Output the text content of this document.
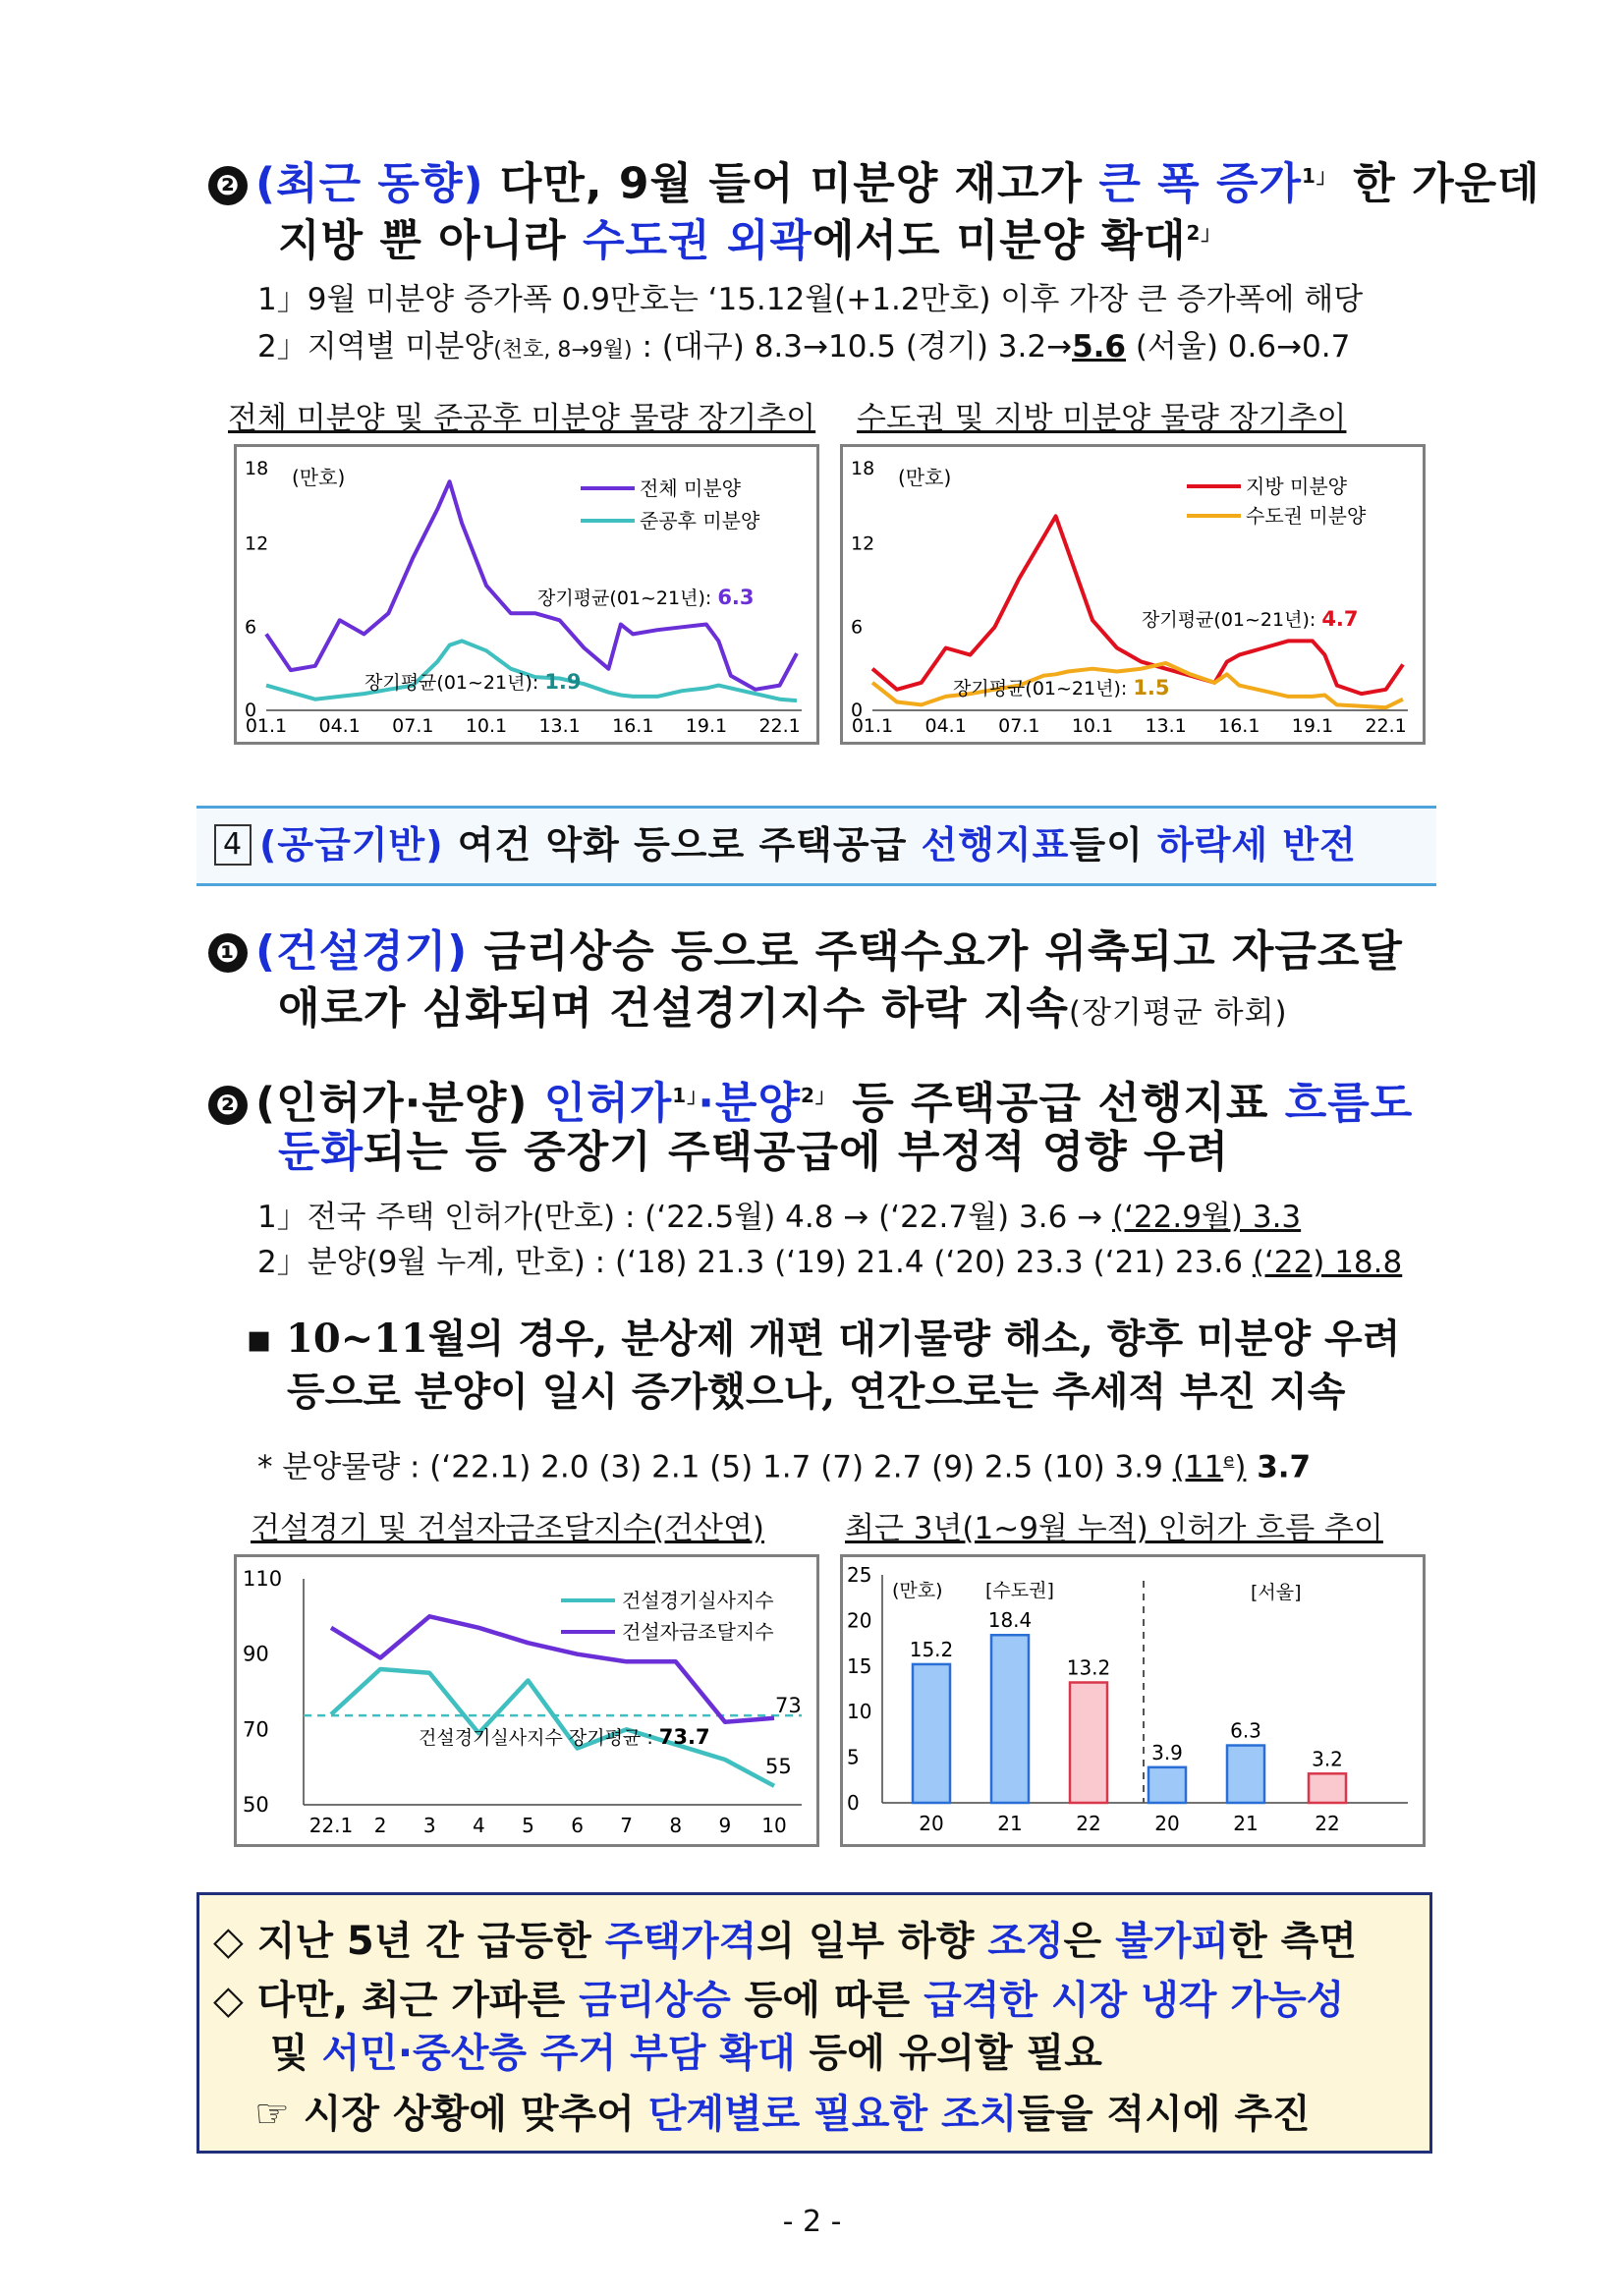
❷ (최근 동향) 다만, 9월 들어 미분양 재고가 큰 폭 증가$^{1」}$ 한 가운데
지방 뿐 아니라 수도권 외곽에서도 미분양 확대$^{2」}$
1」9월 미분양 증가폭 0.9만호는 ‘15.12월(+1.2만호) 이후 가장 큰 증가폭에 해당
2」지역별 미분양(천호, 8→9월) : (대구) 8.3→10.5 (경기) 3.2→5.6 (서울) 0.6→0.7
전체 미분양 및 준공후 미분양 물량 장기추이
0
6
12
18
01.1 04.1 07.1 10.1 13.1 16.1 19.1 22.1
(만호)	전체 미분양
준공후 미분양
장기평균(01~21년): 6.3
장기평균(01~21년): 1.9
수도권 및 지방 미분양 물량 장기추이
0
6
12
18
01.1 04.1 07.1 10.1 13.1 16.1 19.1 22.1
(만호)	지방 미분양
수도권 미분양
장기평균(01~21년): 4.7
장기평균(01~21년): 1.5
4 (공급기반) 여건 악화 등으로 주택공급 선행지표들이 하락세 반전
❶ (건설경기) 금리상승 등으로 주택수요가 위축되고 자금조달
애로가 심화되며 건설경기지수 하락 지속(장기평균 하회)
❷ (인허가·분양) 인허가$^{1」}$·분양$^{2」}$ 등 주택공급 선행지표 흐름도
둔화되는 등 중장기 주택공급에 부정적 영향 우려
1」전국 주택 인허가(만호) : (‘22.5월) 4.8 → (‘22.7월) 3.6 → (‘22.9월) 3.3
2」분양(9월 누계, 만호) : (‘18) 21.3 (‘19) 21.4 (‘20) 23.3 (‘21) 23.6 (‘22) 18.8
▪ 10~11월의 경우, 분상제 개편 대기물량 해소, 향후 미분양 우려
등으로 분양이 일시 증가했으나, 연간으로는 추세적 부진 지속
* 분양물량 : (‘22.1) 2.0 (3) 2.1 (5) 1.7 (7) 2.7 (9) 2.5 (10) 3.9 (11e) 3.7
건설경기 및 건설자금조달지수(건산연)
50
70
90
110
22.1 2 3 4 5 6 7 8 9 10
건설경기실사지수
건설자금조달지수
건설경기실사지수 장기평균 : 73.7
73
55
최근 3년(1~9월 누적) 인허가 흐름 추이
0
5
10
15
20
25
20	21	22	20	21	22
15.2
18.4
13.2
3.9
6.3
3.2
(만호) [수도권]	[서울]
◇ 지난 5년 간 급등한 주택가격의 일부 하향 조정은 불가피한 측면
◇ 다만, 최근 가파른 금리상승 등에 따른 급격한 시장 냉각 가능성
및 서민·중산층 주거 부담 확대 등에 유의할 필요
☞ 시장 상황에 맞추어 단계별로 필요한 조치들을 적시에 추진
- 2 -
